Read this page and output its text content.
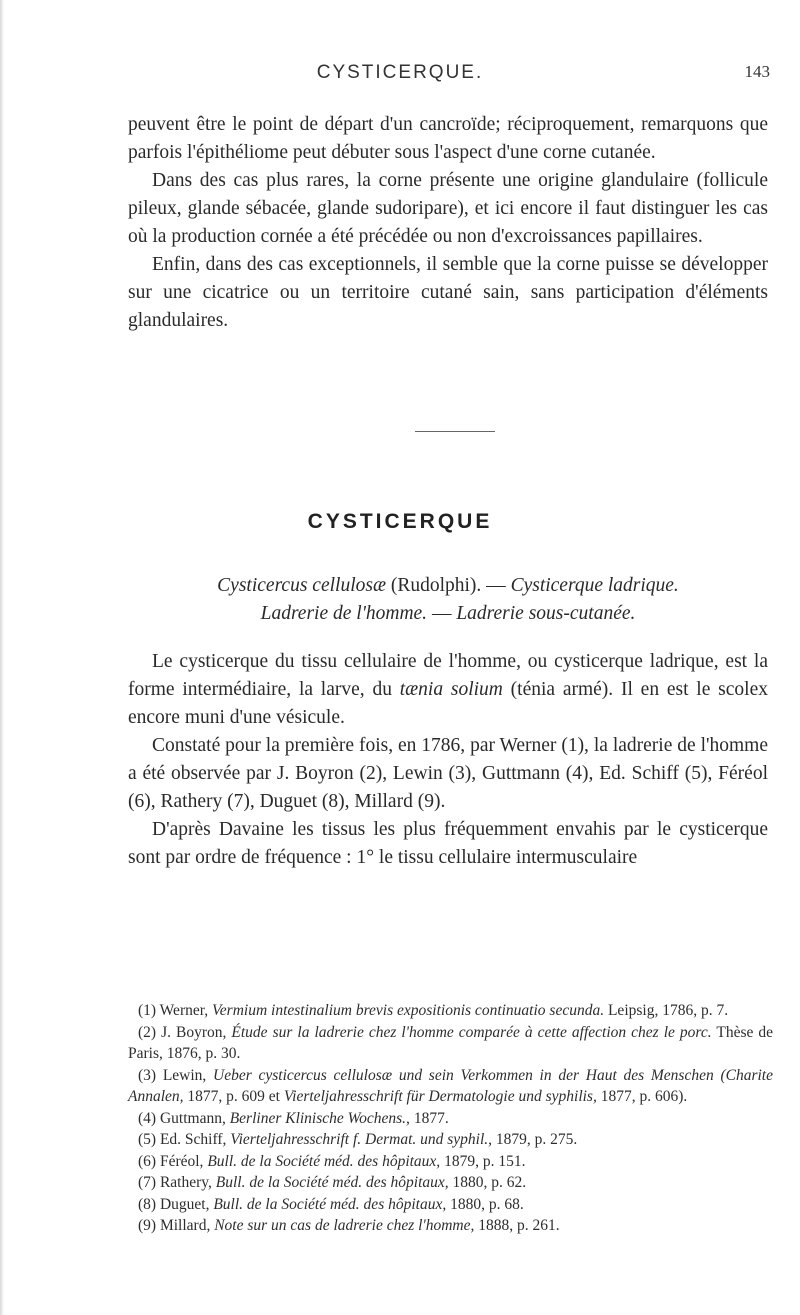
CYSTICERQUE.	143

peuvent être le point de départ d'un cancroïde; réciproquement, remarquons que parfois l'épithéliome peut débuter sous l'aspect d'une corne cutanée.

Dans des cas plus rares, la corne présente une origine glandulaire (follicule pileux, glande sébacée, glande sudoripare), et ici encore il faut distinguer les cas où la production cornée a été précédée ou non d'excroissances papillaires.

Enfin, dans des cas exceptionnels, il semble que la corne puisse se développer sur une cicatrice ou un territoire cutané sain, sans participation d'éléments glandulaires.

CYSTICERQUE
Cysticercus cellulosæ (Rudolphi). — Cysticerque ladrique.
Ladrerie de l'homme. — Ladrerie sous-cutanée.

Le cysticerque du tissu cellulaire de l'homme, ou cysticerque ladrique, est la forme intermédiaire, la larve, du tænia solium (ténia armé). Il en est le scolex encore muni d'une vésicule.

Constaté pour la première fois, en 1786, par Werner (1), la ladrerie de l'homme a été observée par J. Boyron (2), Lewin (3), Guttmann (4), Ed. Schiff (5), Féréol (6), Rathery (7), Duguet (8), Millard (9).

D'après Davaine les tissus les plus fréquemment envahis par le cysticerque sont par ordre de fréquence : 1° le tissu cellulaire intermusculaire

(1) Werner, Vermium intestinalium brevis expositionis continuatio secunda. Leipsig, 1786, p. 7.

(2) J. Boyron, Étude sur la ladrerie chez l'homme comparée à cette affection chez le porc. Thèse de Paris, 1876, p. 30.

(3) Lewin, Ueber cysticercus cellulosæ und sein Verkommen in der Haut des Menschen (Charite Annalen, 1877, p. 609 et Vierteljahresschrift für Dermatologie und syphilis, 1877, p. 606).

(4) Guttmann, Berliner Klinische Wochens., 1877.

(5) Ed. Schiff, Vierteljahresschrift f. Dermat. und syphil., 1879, p. 275.

(6) Féréol, Bull. de la Société méd. des hôpitaux, 1879, p. 151.

(7) Rathery, Bull. de la Société méd. des hôpitaux, 1880, p. 62.

(8) Duguet, Bull. de la Société méd. des hôpitaux, 1880, p. 68.

(9) Millard, Note sur un cas de ladrerie chez l'homme, 1888, p. 261.
